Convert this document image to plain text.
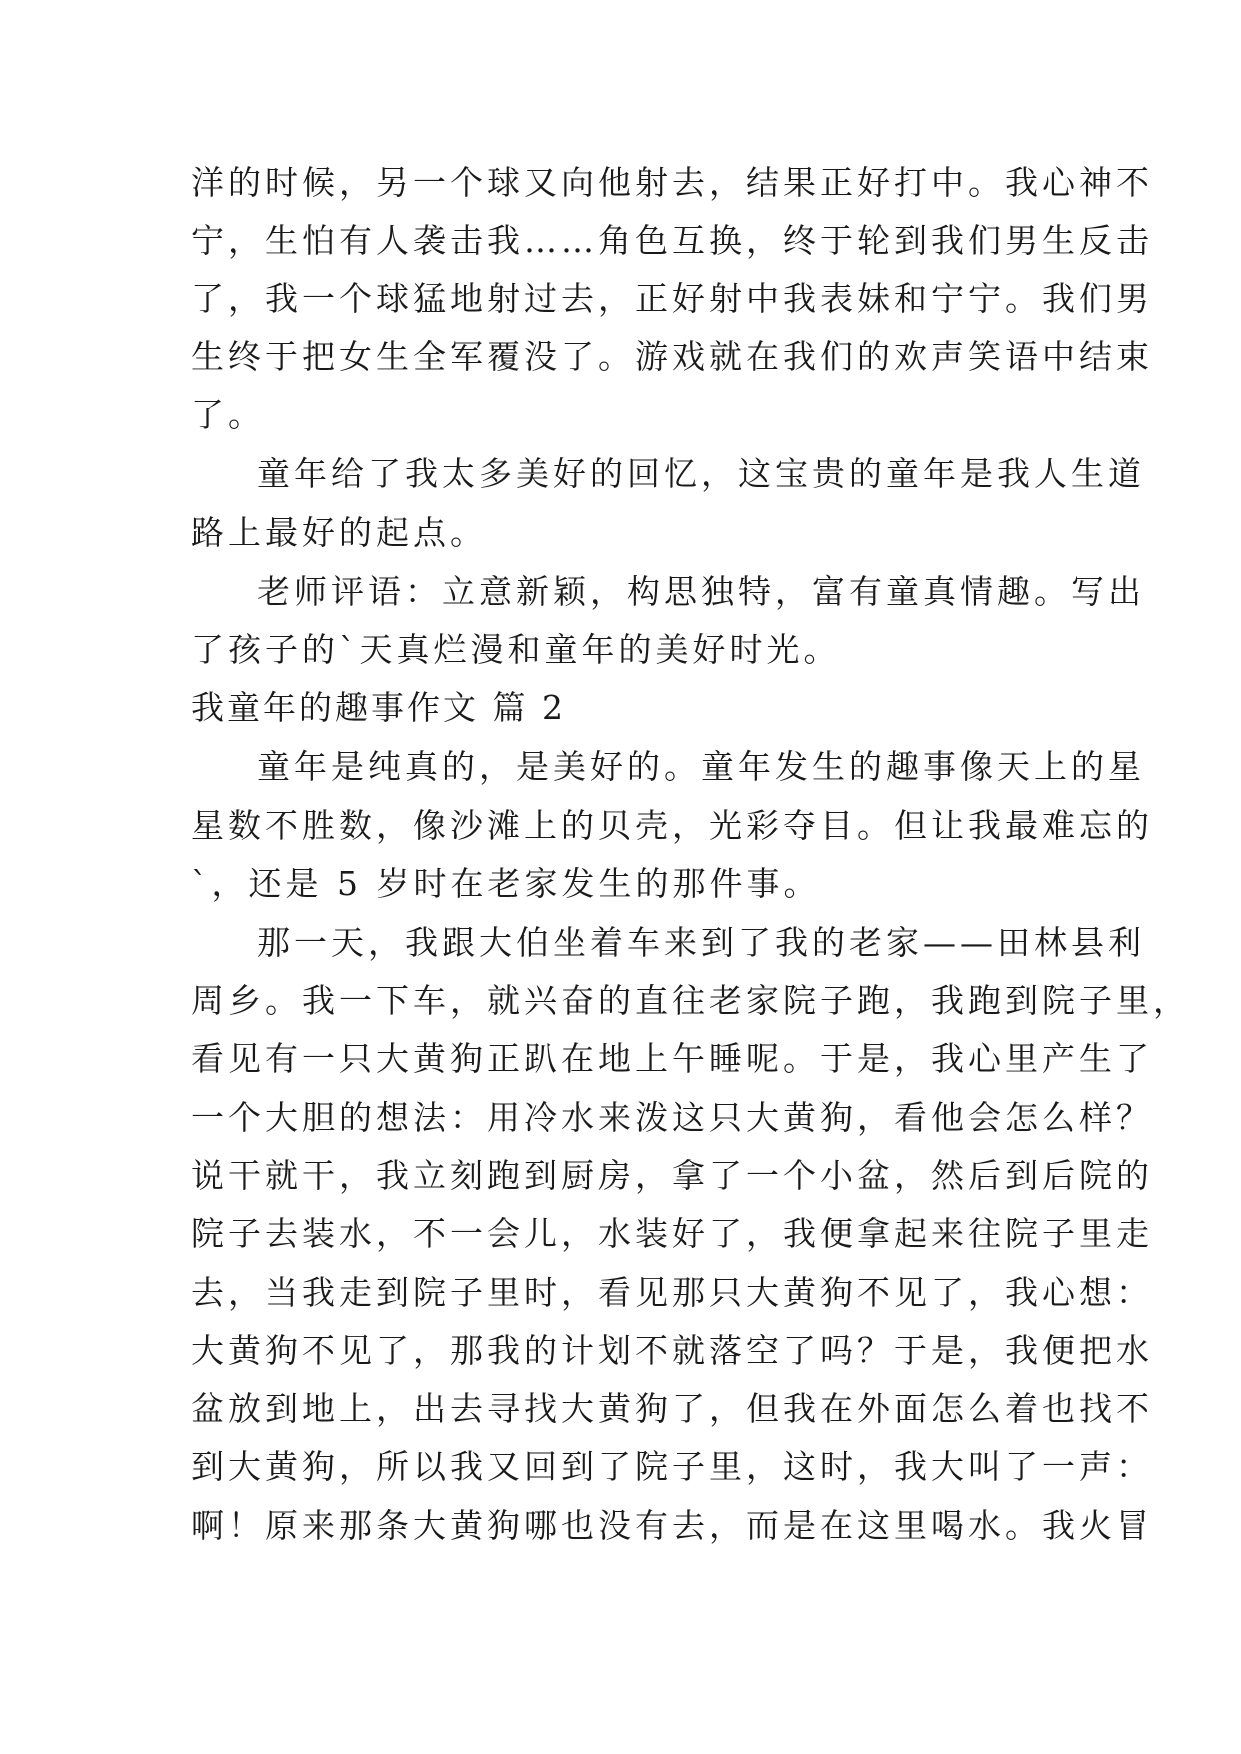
洋的时候，另一个球又向他射去，结果正好打中。我心神不
宁，生怕有人袭击我……角色互换，终于轮到我们男生反击
了，我一个球猛地射过去，正好射中我表妹和宁宁。我们男
生终于把女生全军覆没了。游戏就在我们的欢声笑语中结束
了。
童年给了我太多美好的回忆，这宝贵的童年是我人生道
路上最好的起点。
老师评语：立意新颖，构思独特，富有童真情趣。写出
了孩子的`天真烂漫和童年的美好时光。
我童年的趣事作文 篇 2
童年是纯真的，是美好的。童年发生的趣事像天上的星
星数不胜数，像沙滩上的贝壳，光彩夺目。但让我最难忘的
`，还是 5 岁时在老家发生的那件事。
那一天，我跟大伯坐着车来到了我的老家——田林县利
周乡。我一下车，就兴奋的直往老家院子跑，我跑到院子里，
看见有一只大黄狗正趴在地上午睡呢。于是，我心里产生了
一个大胆的想法：用冷水来泼这只大黄狗，看他会怎么样？
说干就干，我立刻跑到厨房，拿了一个小盆，然后到后院的
院子去装水，不一会儿，水装好了，我便拿起来往院子里走
去，当我走到院子里时，看见那只大黄狗不见了，我心想：
大黄狗不见了，那我的计划不就落空了吗？于是，我便把水
盆放到地上，出去寻找大黄狗了，但我在外面怎么着也找不
到大黄狗，所以我又回到了院子里，这时，我大叫了一声：
啊！原来那条大黄狗哪也没有去，而是在这里喝水。我火冒
